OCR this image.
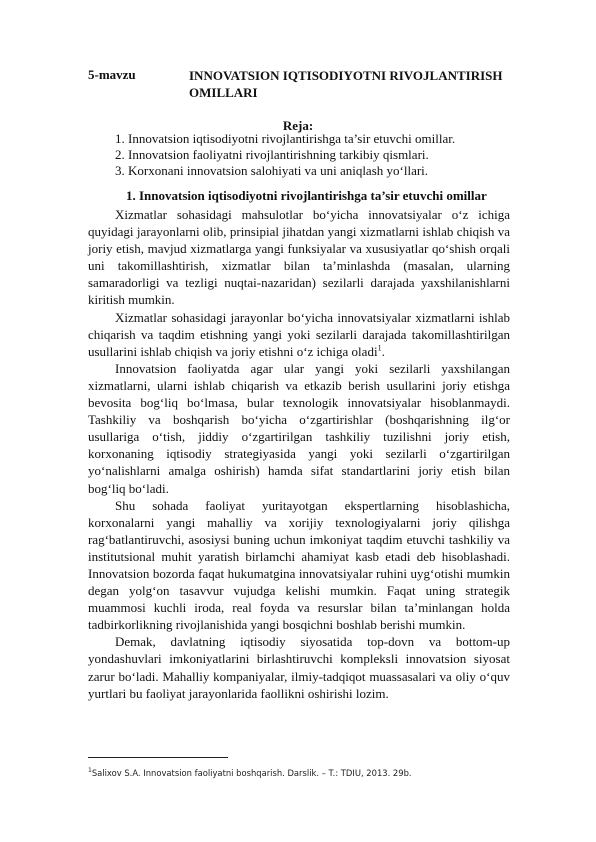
5-mavzu	INNOVATSION IQTISODIYOTNI RIVOJLANTIRISH OMILLARI
Reja:
1. Innovatsion iqtisodiyotni rivojlantirishga ta’sir etuvchi omillar.
2. Innovatsion faoliyatni rivojlantirishning tarkibiy qismlari.
3. Korxonani innovatsion salohiyati va uni aniqlash yo‘llari.
1. Innovatsion iqtisodiyotni rivojlantirishga ta’sir etuvchi omillar

Xizmatlar sohasidagi mahsulotlar bo‘yicha innovatsiyalar o‘z ichiga quyidagi jarayonlarni olib, prinsipial jihatdan yangi xizmatlarni ishlab chiqish va joriy etish, mavjud xizmatlarga yangi funksiyalar va xususiyatlar qo‘shish orqali uni takomillashtirish, xizmatlar bilan ta’minlashda (masalan, ularning samaradorligi va tezligi nuqtai-nazaridan) sezilarli darajada yaxshilanishlarni kiritish mumkin.

Xizmatlar sohasidagi jarayonlar bo‘yicha innovatsiyalar xizmatlarni ishlab chiqarish va taqdim etishning yangi yoki sezilarli darajada takomillashtirilgan usullarini ishlab chiqish va joriy etishni o‘z ichiga oladi$^1$.

Innovatsion faoliyatda agar ular yangi yoki sezilarli yaxshilangan xizmatlarni, ularni ishlab chiqarish va etkazib berish usullarini joriy etishga bevosita bog‘liq bo‘lmasa, bular texnologik innovatsiyalar hisoblanmaydi. Tashkiliy va boshqarish bo‘yicha o‘zgartirishlar (boshqarishning ilg‘or usullariga o‘tish, jiddiy o‘zgartirilgan tashkiliy tuzilishni joriy etish, korxonaning iqtisodiy strategiyasida yangi yoki sezilarli o‘zgartirilgan yo‘nalishlarni amalga oshirish) hamda sifat standartlarini joriy etish bilan bog‘liq bo‘ladi.

Shu sohada faoliyat yuritayotgan ekspertlarning hisoblashicha, korxonalarni yangi mahalliy va xorijiy texnologiyalarni joriy qilishga rag‘batlantiruvchi, asosiysi buning uchun imkoniyat taqdim etuvchi tashkiliy va institutsional muhit yaratish birlamchi ahamiyat kasb etadi deb hisoblashadi. Innovatsion bozorda faqat hukumatgina innovatsiyalar ruhini uyg‘otishi mumkin degan yolg‘on tasavvur vujudga kelishi mumkin. Faqat uning strategik muammosi kuchli iroda, real foyda va resurslar bilan ta’minlangan holda tadbirkorlikning rivojlanishida yangi bosqichni boshlab berishi mumkin.

Demak, davlatning iqtisodiy siyosatida top-dovn va bottom-up yondashuvlari imkoniyatlarini birlashtiruvchi kompleksli innovatsion siyosat zarur bo‘ladi. Mahalliy kompaniyalar, ilmiy-tadqiqot muassasalari va oliy o‘quv yurtlari bu faoliyat jarayonlarida faollikni oshirishi lozim.

$^1$Salixov S.A. Innovatsion faoliyatni boshqarish. Darslik. – T.: TDIU, 2013. 29b.
